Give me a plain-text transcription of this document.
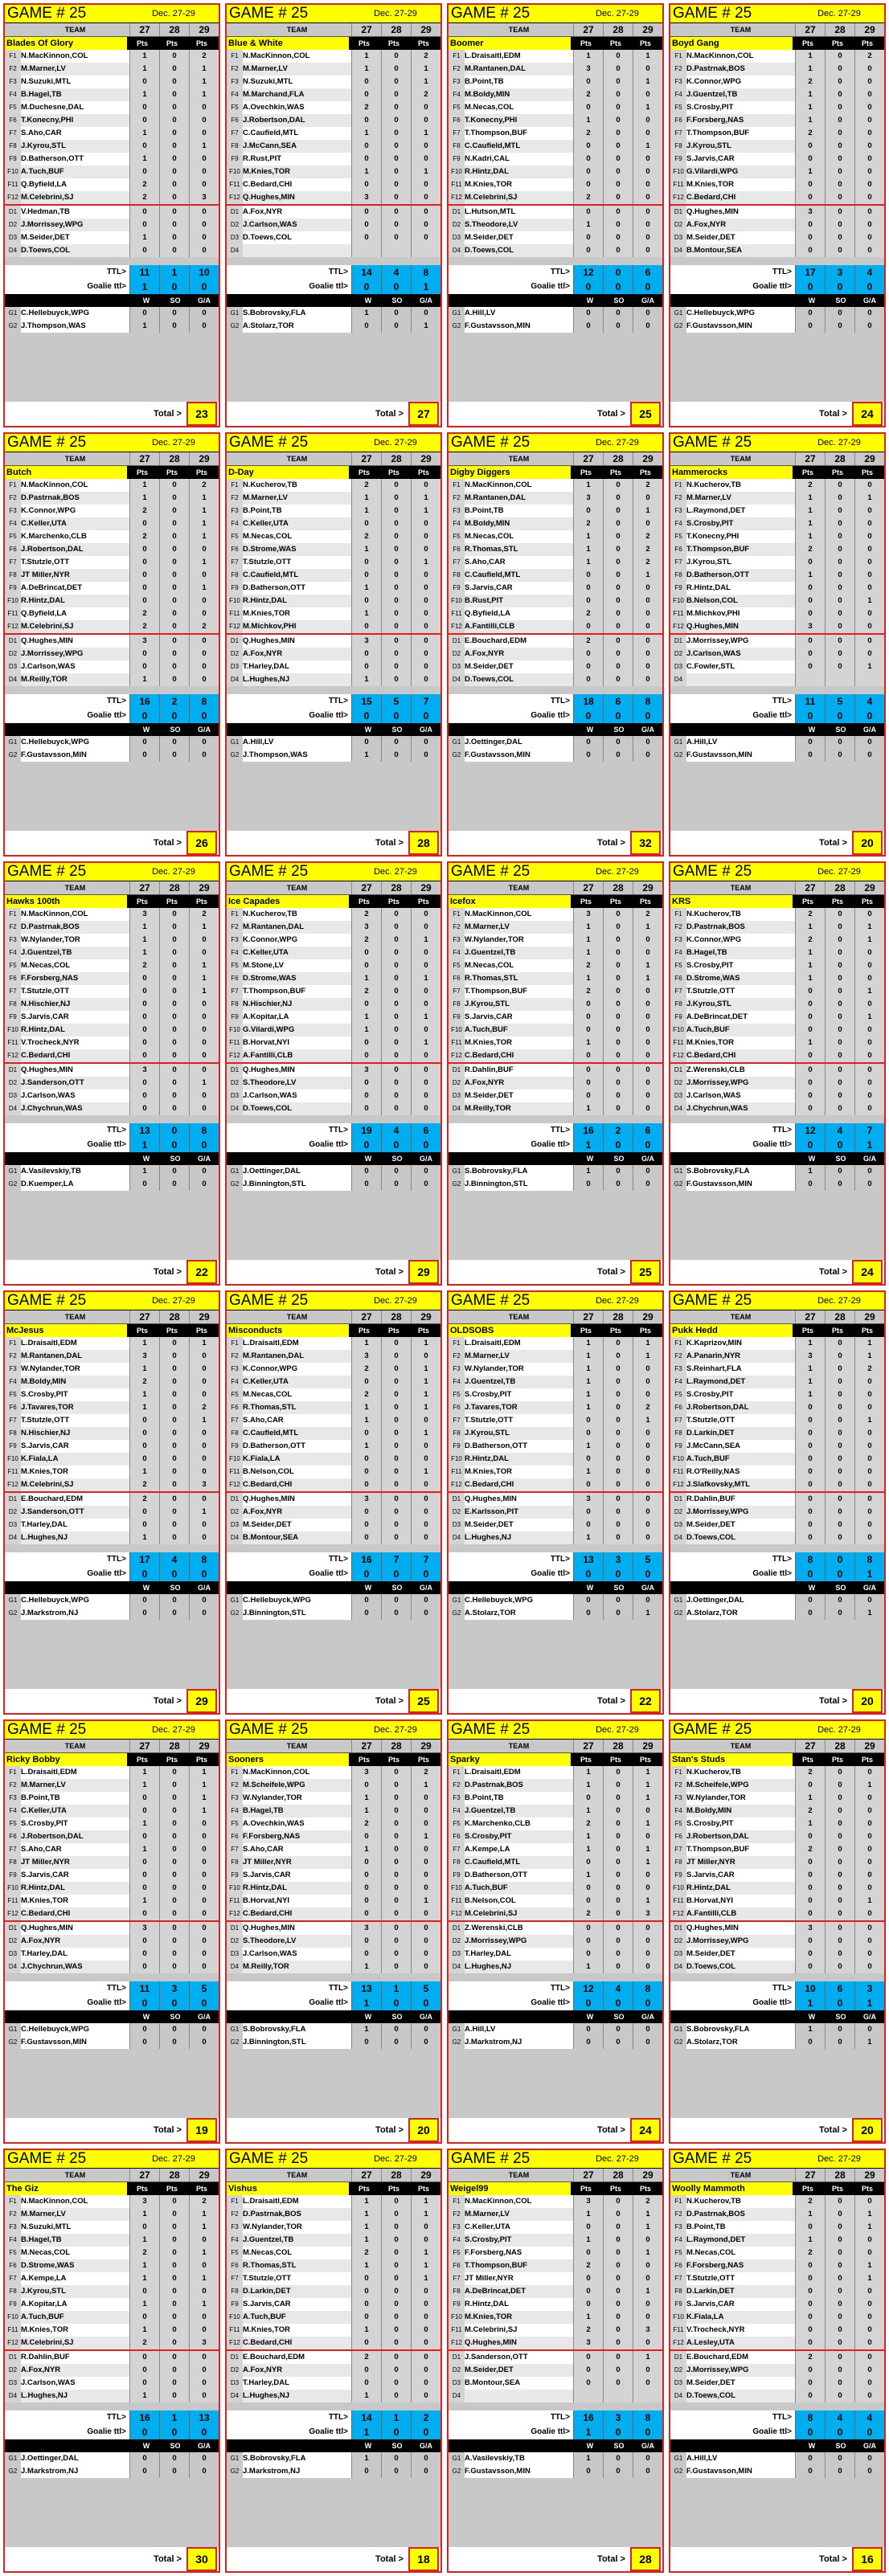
GAME # 25	Dec. 27-29
TEAM	27	28	29
Blades Of Glory	Pts	Pts	Pts
F1 N.MacKinnon,COL	1	0	2
F2 M.Marner,LV	1	0	1
F3 N.Suzuki,MTL	0	0	1
F4 B.Hagel,TB	1	0	1
F5 M.Duchesne,DAL	0	0	0
F6 T.Konecny,PHI	0	0	0
F7 S.Aho,CAR	1	0	0
F8 J.Kyrou,STL	0	0	1
F9 D.Batherson,OTT	1	0	0
F10 A.Tuch,BUF	0	0	0
F11 Q.Byfield,LA	2	0	0
F12 M.Celebrini,SJ	2	0	3
D1 V.Hedman,TB	0	0	0
D2 J.Morrissey,WPG	0	0	0
D3 M.Seider,DET	1	0	0
D4 D.Toews,COL	0	0	0
TTL>	11	1	10
Goalie ttl>	1	0	0
W	SO	G/A
G1 C.Hellebuyck,WPG	0	0	0
G2 J.Thompson,WAS	1	0	0
Total >	23
GAME # 25	Dec. 27-29
TEAM	27	28	29
Blue & White	Pts	Pts	Pts
F1 N.MacKinnon,COL	1	0	2
F2 M.Marner,LV	1	0	1
F3 N.Suzuki,MTL	0	0	1
F4 M.Marchand,FLA	0	0	2
F5 A.Ovechkin,WAS	2	0	0
F6 J.Robertson,DAL	0	0	0
F7 C.Caufield,MTL	1	0	1
F8 J.McCann,SEA	0	0	0
F9 R.Rust,PIT	0	0	0
F10 M.Knies,TOR	1	0	1
F11 C.Bedard,CHI	0	0	0
F12 Q.Hughes,MIN	3	0	0
D1 A.Fox,NYR	0	0	0
D2 J.Carlson,WAS	0	0	0
D3 D.Toews,COL	0	0	0
D4
TTL>	14	4	8
Goalie ttl>	0	0	1
W	SO	G/A
G1 S.Bobrovsky,FLA	1	0	0
G2 A.Stolarz,TOR	0	0	1
Total >	27
GAME # 25	Dec. 27-29
TEAM	27	28	29
Boomer	Pts	Pts	Pts
F1 L.Draisaitl,EDM	1	0	1
F2 M.Rantanen,DAL	3	0	0
F3 B.Point,TB	0	0	1
F4 M.Boldy,MIN	2	0	0
F5 M.Necas,COL	0	0	1
F6 T.Konecny,PHI	1	0	0
F7 T.Thompson,BUF	2	0	0
F8 C.Caufield,MTL	0	0	1
F9 N.Kadri,CAL	0	0	0
F10 R.Hintz,DAL	0	0	0
F11 M.Knies,TOR	0	0	0
F12 M.Celebrini,SJ	2	0	0
D1 L.Hutson,MTL	0	0	0
D2 S.Theodore,LV	1	0	0
D3 M.Seider,DET	0	0	0
D4 D.Toews,COL	0	0	0
TTL>	12	0	6
Goalie ttl>	0	0	0
W	SO	G/A
G1 A.Hill,LV	0	0	0
G2 F.Gustavsson,MIN	0	0	0
Total >	25
GAME # 25	Dec. 27-29
TEAM	27	28	29
Boyd Gang	Pts	Pts	Pts
F1 N.MacKinnon,COL	1	0	2
F2 D.Pastrnak,BOS	1	0	0
F3 K.Connor,WPG	2	0	0
F4 J.Guentzel,TB	1	0	0
F5 S.Crosby,PIT	1	0	0
F6 F.Forsberg,NAS	1	0	0
F7 T.Thompson,BUF	2	0	0
F8 J.Kyrou,STL	0	0	0
F9 S.Jarvis,CAR	0	0	0
F10 G.Vilardi,WPG	1	0	0
F11 M.Knies,TOR	0	0	0
F12 C.Bedard,CHI	0	0	0
D1 Q.Hughes,MIN	3	0	0
D2 A.Fox,NYR	0	0	0
D3 M.Seider,DET	0	0	0
D4 B.Montour,SEA	0	0	0
TTL>	17	3	4
Goalie ttl>	0	0	0
W	SO	G/A
G1 C.Hellebuyck,WPG	0	0	0
G2 F.Gustavsson,MIN	0	0	0
Total >	24
GAME # 25	Dec. 27-29
TEAM	27	28	29
Butch	Pts	Pts	Pts
F1 N.MacKinnon,COL	1	0	2
F2 D.Pastrnak,BOS	1	0	1
F3 K.Connor,WPG	2	0	1
F4 C.Keller,UTA	0	0	1
F5 K.Marchenko,CLB	2	0	1
F6 J.Robertson,DAL	0	0	0
F7 T.Stutzle,OTT	0	0	1
F8 JT Miller,NYR	0	0	0
F9 A.DeBrincat,DET	0	0	1
F10 R.Hintz,DAL	0	0	0
F11 Q.Byfield,LA	2	0	0
F12 M.Celebrini,SJ	2	0	2
D1 Q.Hughes,MIN	3	0	0
D2 J.Morrissey,WPG	0	0	0
D3 J.Carlson,WAS	0	0	0
D4 M.Reilly,TOR	1	0	0
TTL>	16	2	8
Goalie ttl>	0	0	0
W	SO	G/A
G1 C.Hellebuyck,WPG	0	0	0
G2 F.Gustavsson,MIN	0	0	0
Total >	26
GAME # 25	Dec. 27-29
TEAM	27	28	29
D-Day	Pts	Pts	Pts
F1 N.Kucherov,TB	2	0	0
F2 M.Marner,LV	1	0	1
F3 B.Point,TB	1	0	1
F4 C.Keller,UTA	0	0	0
F5 M.Necas,COL	2	0	0
F6 D.Strome,WAS	1	0	0
F7 T.Stutzle,OTT	0	0	1
F8 C.Caufield,MTL	0	0	0
F9 D.Batherson,OTT	1	0	0
F10 R.Hintz,DAL	0	0	0
F11 M.Knies,TOR	1	0	0
F12 M.Michkov,PHI	0	0	0
D1 Q.Hughes,MIN	3	0	0
D2 A.Fox,NYR	0	0	0
D3 T.Harley,DAL	0	0	0
D4 L.Hughes,NJ	1	0	0
TTL>	15	5	7
Goalie ttl>	0	0	0
W	SO	G/A
G1 A.Hill,LV	0	0	0
G2 J.Thompson,WAS	1	0	0
Total >	28
GAME # 25	Dec. 27-29
TEAM	27	28	29
Digby Diggers	Pts	Pts	Pts
F1 N.MacKinnon,COL	1	0	2
F2 M.Rantanen,DAL	3	0	0
F3 B.Point,TB	0	0	1
F4 M.Boldy,MIN	2	0	0
F5 M.Necas,COL	1	0	2
F6 R.Thomas,STL	1	0	2
F7 S.Aho,CAR	1	0	2
F8 C.Caufield,MTL	0	0	1
F9 S.Jarvis,CAR	0	0	0
F10 B.Rust,PIT	0	0	0
F11 Q.Byfield,LA	2	0	0
F12 A.Fantilli,CLB	0	0	0
D1 E.Bouchard,EDM	2	0	0
D2 A.Fox,NYR	0	0	0
D3 M.Seider,DET	0	0	0
D4 D.Toews,COL	0	0	0
TTL>	18	6	8
Goalie ttl>	0	0	0
W	SO	G/A
G1 J.Oettinger,DAL	0	0	0
G2 F.Gustavsson,MIN	0	0	0
Total >	32
GAME # 25	Dec. 27-29
TEAM	27	28	29
Hammerocks	Pts	Pts	Pts
F1 N.Kucherov,TB	2	0	0
F2 M.Marner,LV	1	0	1
F3 L.Raymond,DET	1	0	0
F4 S.Crosby,PIT	1	0	0
F5 T.Konecny,PHI	1	0	0
F6 T.Thompson,BUF	2	0	0
F7 J.Kyrou,STL	0	0	0
F8 D.Batherson,OTT	1	0	0
F9 R.Hintz,DAL	0	0	0
F10 B.Nelson,COL	0	0	1
F11 M.Michkov,PHI	0	0	0
F12 Q.Hughes,MIN	3	0	0
D1 J.Morrissey,WPG	0	0	0
D2 J.Carlson,WAS	0	0	0
D3 C.Fowler,STL	0	0	1
D4
TTL>	11	5	4
Goalie ttl>	0	0	0
W	SO	G/A
G1 A.Hill,LV	0	0	0
G2 F.Gustavsson,MIN	0	0	0
Total >	20
GAME # 25	Dec. 27-29
TEAM	27	28	29
Hawks 100th	Pts	Pts	Pts
F1 N.MacKinnon,COL	3	0	2
F2 D.Pastrnak,BOS	1	0	1
F3 W.Nylander,TOR	1	0	0
F4 J.Guentzel,TB	1	0	0
F5 M.Necas,COL	2	0	1
F6 F.Forsberg,NAS	0	0	1
F7 T.Stutzle,OTT	0	0	1
F8 N.Hischier,NJ	0	0	0
F9 S.Jarvis,CAR	0	0	0
F10 R.Hintz,DAL	0	0	0
F11 V.Trocheck,NYR	0	0	0
F12 C.Bedard,CHI	0	0	0
D1 Q.Hughes,MIN	3	0	0
D2 J.Sanderson,OTT	0	0	1
D3 J.Carlson,WAS	0	0	0
D4 J.Chychrun,WAS	0	0	0
TTL>	13	0	8
Goalie ttl>	1	0	0
W	SO	G/A
G1 A.Vasilevskiy,TB	1	0	0
G2 D.Kuemper,LA	0	0	0
Total >	22
GAME # 25	Dec. 27-29
TEAM	27	28	29
Ice Capades	Pts	Pts	Pts
F1 N.Kucherov,TB	2	0	0
F2 M.Rantanen,DAL	3	0	0
F3 K.Connor,WPG	2	0	1
F4 C.Keller,UTA	0	0	0
F5 M.Stone,LV	0	0	0
F6 D.Strome,WAS	1	0	1
F7 T.Thompson,BUF	2	0	0
F8 N.Hischier,NJ	0	0	0
F9 A.Kopitar,LA	1	0	1
F10 G.Vilardi,WPG	1	0	0
F11 B.Horvat,NYI	0	0	1
F12 A.Fantilli,CLB	0	0	0
D1 Q.Hughes,MIN	3	0	0
D2 S.Theodore,LV	0	0	0
D3 J.Carlson,WAS	0	0	0
D4 D.Toews,COL	0	0	0
TTL>	19	4	6
Goalie ttl>	0	0	0
W	SO	G/A
G1 J.Oettinger,DAL	0	0	0
G2 J.Binnington,STL	0	0	0
Total >	29
GAME # 25	Dec. 27-29
TEAM	27	28	29
Icefox	Pts	Pts	Pts
F1 N.MacKinnon,COL	3	0	2
F2 M.Marner,LV	1	0	1
F3 W.Nylander,TOR	1	0	0
F4 J.Guentzel,TB	1	0	0
F5 M.Necas,COL	2	0	1
F6 R.Thomas,STL	1	0	1
F7 T.Thompson,BUF	2	0	0
F8 J.Kyrou,STL	0	0	0
F9 S.Jarvis,CAR	0	0	0
F10 A.Tuch,BUF	0	0	0
F11 M.Knies,TOR	1	0	0
F12 C.Bedard,CHI	0	0	0
D1 R.Dahlin,BUF	0	0	0
D2 A.Fox,NYR	0	0	0
D3 M.Seider,DET	0	0	0
D4 M.Reilly,TOR	1	0	0
TTL>	16	2	6
Goalie ttl>	1	0	0
W	SO	G/A
G1 S.Bobrovsky,FLA	1	0	0
G2 J.Binnington,STL	0	0	0
Total >	25
GAME # 25	Dec. 27-29
TEAM	27	28	29
KRS	Pts	Pts	Pts
F1 N.Kucherov,TB	2	0	0
F2 D.Pastrnak,BOS	1	0	1
F3 K.Connor,WPG	2	0	1
F4 B.Hagel,TB	1	0	0
F5 S.Crosby,PIT	1	0	0
F6 D.Strome,WAS	1	0	0
F7 T.Stutzle,OTT	0	0	1
F8 J.Kyrou,STL	0	0	0
F9 A.DeBrincat,DET	0	0	1
F10 A.Tuch,BUF	0	0	0
F11 M.Knies,TOR	1	0	0
F12 C.Bedard,CHI	0	0	0
D1 Z.Werenski,CLB	0	0	0
D2 J.Morrissey,WPG	0	0	0
D3 J.Carlson,WAS	0	0	0
D4 J.Chychrun,WAS	0	0	0
TTL>	12	4	7
Goalie ttl>	0	0	1
W	SO	G/A
G1 S.Bobrovsky,FLA	1	0	0
G2 F.Gustavsson,MIN	0	0	0
Total >	24
GAME # 25	Dec. 27-29
TEAM	27	28	29
McJesus	Pts	Pts	Pts
F1 L.Draisaitl,EDM	1	0	1
F2 M.Rantanen,DAL	3	0	0
F3 W.Nylander,TOR	1	0	0
F4 M.Boldy,MIN	2	0	0
F5 S.Crosby,PIT	1	0	0
F6 J.Tavares,TOR	1	0	2
F7 T.Stutzle,OTT	0	0	1
F8 N.Hischier,NJ	0	0	0
F9 S.Jarvis,CAR	0	0	0
F10 K.Fiala,LA	0	0	0
F11 M.Knies,TOR	1	0	0
F12 M.Celebrini,SJ	2	0	3
D1 E.Bouchard,EDM	2	0	0
D2 J.Sanderson,OTT	0	0	1
D3 T.Harley,DAL	0	0	0
D4 L.Hughes,NJ	1	0	0
TTL>	17	4	8
Goalie ttl>	0	0	0
W	SO	G/A
G1 C.Hellebuyck,WPG	0	0	0
G2 J.Markstrom,NJ	0	0	0
Total >	29
GAME # 25	Dec. 27-29
TEAM	27	28	29
Misconducts	Pts	Pts	Pts
F1 L.Draisaitl,EDM	1	0	1
F2 M.Rantanen,DAL	3	0	0
F3 K.Connor,WPG	2	0	1
F4 C.Keller,UTA	0	0	1
F5 M.Necas,COL	2	0	1
F6 R.Thomas,STL	1	0	1
F7 S.Aho,CAR	1	0	0
F8 C.Caufield,MTL	0	0	1
F9 D.Batherson,OTT	1	0	0
F10 K.Fiala,LA	0	0	0
F11 B.Nelson,COL	0	0	1
F12 C.Bedard,CHI	0	0	0
D1 Q.Hughes,MIN	3	0	0
D2 A.Fox,NYR	0	0	0
D3 M.Seider,DET	0	0	0
D4 B.Montour,SEA	0	0	0
TTL>	16	7	7
Goalie ttl>	0	0	0
W	SO	G/A
G1 C.Hellebuyck,WPG	0	0	0
G2 J.Binnington,STL	0	0	0
Total >	25
GAME # 25	Dec. 27-29
TEAM	27	28	29
OLDSOBS	Pts	Pts	Pts
F1 L.Draisaitl,EDM	1	0	1
F2 M.Marner,LV	1	0	1
F3 W.Nylander,TOR	1	0	0
F4 J.Guentzel,TB	1	0	0
F5 S.Crosby,PIT	1	0	0
F6 J.Tavares,TOR	1	0	2
F7 T.Stutzle,OTT	0	0	1
F8 J.Kyrou,STL	0	0	0
F9 D.Batherson,OTT	1	0	0
F10 R.Hintz,DAL	0	0	0
F11 M.Knies,TOR	1	0	0
F12 C.Bedard,CHI	0	0	0
D1 Q.Hughes,MIN	3	0	0
D2 E.Karlsson,PIT	0	0	0
D3 M.Seider,DET	0	0	0
D4 L.Hughes,NJ	1	0	0
TTL>	13	3	5
Goalie ttl>	0	0	0
W	SO	G/A
G1 C.Hellebuyck,WPG	0	0	0
G2 A.Stolarz,TOR	0	0	1
Total >	22
GAME # 25	Dec. 27-29
TEAM	27	28	29
Pukk Hedd	Pts	Pts	Pts
F1 K.Kaprizov,MIN	1	0	1
F2 A.Panarin,NYR	3	0	1
F3 S.Reinhart,FLA	1	0	2
F4 L.Raymond,DET	1	0	0
F5 S.Crosby,PIT	1	0	0
F6 J.Robertson,DAL	0	0	0
F7 T.Stutzle,OTT	0	0	1
F8 D.Larkin,DET	0	0	0
F9 J.McCann,SEA	0	0	0
F10 A.Tuch,BUF	0	0	0
F11 R.O'Reilly,NAS	0	0	0
F12 J.Slafkovsky,MTL	0	0	0
D1 R.Dahlin,BUF	0	0	0
D2 J.Morrissey,WPG	0	0	0
D3 M.Seider,DET	0	0	0
D4 D.Toews,COL	0	0	0
TTL>	8	0	8
Goalie ttl>	0	0	1
W	SO	G/A
G1 J.Oettinger,DAL	0	0	0
G2 A.Stolarz,TOR	0	0	1
Total >	20
GAME # 25	Dec. 27-29
TEAM	27	28	29
Ricky Bobby	Pts	Pts	Pts
F1 L.Draisaitl,EDM	1	0	1
F2 M.Marner,LV	1	0	1
F3 B.Point,TB	0	0	1
F4 C.Keller,UTA	0	0	1
F5 S.Crosby,PIT	1	0	0
F6 J.Robertson,DAL	0	0	0
F7 S.Aho,CAR	1	0	0
F8 JT Miller,NYR	0	0	0
F9 S.Jarvis,CAR	0	0	0
F10 R.Hintz,DAL	0	0	0
F11 M.Knies,TOR	1	0	0
F12 C.Bedard,CHI	0	0	0
D1 Q.Hughes,MIN	3	0	0
D2 A.Fox,NYR	0	0	0
D3 T.Harley,DAL	0	0	0
D4 J.Chychrun,WAS	0	0	0
TTL>	11	3	5
Goalie ttl>	0	0	0
W	SO	G/A
G1 C.Hellebuyck,WPG	0	0	0
G2 F.Gustavsson,MIN	0	0	0
Total >	19
GAME # 25	Dec. 27-29
TEAM	27	28	29
Sooners	Pts	Pts	Pts
F1 N.MacKinnon,COL	3	0	2
F2 M.Scheifele,WPG	0	0	1
F3 W.Nylander,TOR	1	0	0
F4 B.Hagel,TB	1	0	0
F5 A.Ovechkin,WAS	2	0	0
F6 F.Forsberg,NAS	0	0	1
F7 S.Aho,CAR	1	0	0
F8 JT Miller,NYR	0	0	0
F9 S.Jarvis,CAR	0	0	0
F10 R.Hintz,DAL	0	0	0
F11 B.Horvat,NYI	0	0	1
F12 C.Bedard,CHI	0	0	0
D1 Q.Hughes,MIN	3	0	0
D2 S.Theodore,LV	0	0	0
D3 J.Carlson,WAS	0	0	0
D4 M.Reilly,TOR	1	0	0
TTL>	13	1	5
Goalie ttl>	1	0	0
W	SO	G/A
G1 S.Bobrovsky,FLA	1	0	0
G2 J.Binnington,STL	0	0	0
Total >	20
GAME # 25	Dec. 27-29
TEAM	27	28	29
Sparky	Pts	Pts	Pts
F1 L.Draisaitl,EDM	1	0	1
F2 D.Pastrnak,BOS	1	0	1
F3 B.Point,TB	0	0	1
F4 J.Guentzel,TB	1	0	0
F5 K.Marchenko,CLB	2	0	1
F6 S.Crosby,PIT	1	0	0
F7 A.Kempe,LA	1	0	1
F8 C.Caufield,MTL	0	0	1
F9 D.Batherson,OTT	1	0	0
F10 A.Tuch,BUF	0	0	0
F11 B.Nelson,COL	0	0	1
F12 M.Celebrini,SJ	2	0	3
D1 Z.Werenski,CLB	0	0	0
D2 J.Morrissey,WPG	0	0	0
D3 T.Harley,DAL	0	0	0
D4 L.Hughes,NJ	1	0	0
TTL>	12	4	8
Goalie ttl>	0	0	0
W	SO	G/A
G1 A.Hill,LV	0	0	0
G2 J.Markstrom,NJ	0	0	0
Total >	24
GAME # 25	Dec. 27-29
TEAM	27	28	29
Stan's Studs	Pts	Pts	Pts
F1 N.Kucherov,TB	2	0	0
F2 M.Scheifele,WPG	0	0	1
F3 W.Nylander,TOR	1	0	0
F4 M.Boldy,MIN	2	0	0
F5 S.Crosby,PIT	1	0	0
F6 J.Robertson,DAL	0	0	0
F7 T.Thompson,BUF	2	0	0
F8 JT Miller,NYR	0	0	0
F9 S.Jarvis,CAR	0	0	0
F10 R.Hintz,DAL	0	0	0
F11 B.Horvat,NYI	0	0	1
F12 A.Fantilli,CLB	0	0	0
D1 Q.Hughes,MIN	3	0	0
D2 J.Morrissey,WPG	0	0	0
D3 M.Seider,DET	0	0	0
D4 D.Toews,COL	0	0	0
TTL>	10	6	3
Goalie ttl>	1	0	1
W	SO	G/A
G1 S.Bobrovsky,FLA	1	0	0
G2 A.Stolarz,TOR	0	0	1
Total >	20
GAME # 25	Dec. 27-29
TEAM	27	28	29
The Giz	Pts	Pts	Pts
F1 N.MacKinnon,COL	3	0	2
F2 M.Marner,LV	1	0	1
F3 N.Suzuki,MTL	0	0	1
F4 B.Hagel,TB	1	0	0
F5 M.Necas,COL	2	0	1
F6 D.Strome,WAS	1	0	0
F7 A.Kempe,LA	1	0	1
F8 J.Kyrou,STL	0	0	0
F9 A.Kopitar,LA	1	0	1
F10 A.Tuch,BUF	0	0	0
F11 M.Knies,TOR	1	0	0
F12 M.Celebrini,SJ	2	0	3
D1 R.Dahlin,BUF	0	0	0
D2 A.Fox,NYR	0	0	0
D3 J.Carlson,WAS	0	0	0
D4 L.Hughes,NJ	1	0	0
TTL>	16	1	13
Goalie ttl>	0	0	0
W	SO	G/A
G1 J.Oettinger,DAL	0	0	0
G2 J.Markstrom,NJ	0	0	0
Total >	30
GAME # 25	Dec. 27-29
TEAM	27	28	29
Vishus	Pts	Pts	Pts
F1 L.Draisaitl,EDM	1	0	1
F2 D.Pastrnak,BOS	1	0	1
F3 W.Nylander,TOR	1	0	0
F4 J.Guentzel,TB	1	0	0
F5 M.Necas,COL	2	0	1
F6 R.Thomas,STL	1	0	1
F7 T.Stutzle,OTT	0	0	1
F8 D.Larkin,DET	0	0	0
F9 S.Jarvis,CAR	0	0	0
F10 A.Tuch,BUF	0	0	0
F11 M.Knies,TOR	1	0	0
F12 C.Bedard,CHI	0	0	0
D1 E.Bouchard,EDM	2	0	0
D2 A.Fox,NYR	0	0	0
D3 T.Harley,DAL	0	0	0
D4 L.Hughes,NJ	1	0	0
TTL>	14	1	2
Goalie ttl>	1	0	0
W	SO	G/A
G1 S.Bobrovsky,FLA	1	0	0
G2 J.Markstrom,NJ	0	0	0
Total >	18
GAME # 25	Dec. 27-29
TEAM	27	28	29
Weigel99	Pts	Pts	Pts
F1 N.MacKinnon,COL	3	0	2
F2 M.Marner,LV	1	0	1
F3 C.Keller,UTA	0	0	1
F4 S.Crosby,PIT	1	0	0
F5 F.Forsberg,NAS	0	0	1
F6 T.Thompson,BUF	2	0	0
F7 JT Miller,NYR	0	0	0
F8 A.DeBrincat,DET	0	0	1
F9 R.Hintz,DAL	0	0	0
F10 M.Knies,TOR	1	0	0
F11 M.Celebrini,SJ	2	0	3
F12 Q.Hughes,MIN	3	0	0
D1 J.Sanderson,OTT	0	0	1
D2 M.Seider,DET	0	0	0
D3 B.Montour,SEA	0	0	0
D4
TTL>	16	3	8
Goalie ttl>	1	0	0
W	SO	G/A
G1 A.Vasilevskiy,TB	1	0	0
G2 F.Gustavsson,MIN	0	0	0
Total >	28
GAME # 25	Dec. 27-29
TEAM	27	28	29
Woolly Mammoth	Pts	Pts	Pts
F1 N.Kucherov,TB	2	0	0
F2 D.Pastrnak,BOS	1	0	1
F3 B.Point,TB	0	0	1
F4 L.Raymond,DET	1	0	0
F5 M.Necas,COL	2	0	0
F6 F.Forsberg,NAS	0	0	1
F7 T.Stutzle,OTT	0	0	1
F8 D.Larkin,DET	0	0	0
F9 S.Jarvis,CAR	0	0	0
F10 K.Fiala,LA	0	0	0
F11 V.Trocheck,NYR	0	0	0
F12 A.Lesley,UTA	0	0	0
D1 E.Bouchard,EDM	2	0	0
D2 J.Morrissey,WPG	0	0	0
D3 M.Seider,DET	0	0	0
D4 D.Toews,COL	0	0	0
TTL>	8	4	4
Goalie ttl>	0	0	0
W	SO	G/A
G1 A.Hill,LV	0	0	0
G2 F.Gustavsson,MIN	0	0	0
Total >	16
